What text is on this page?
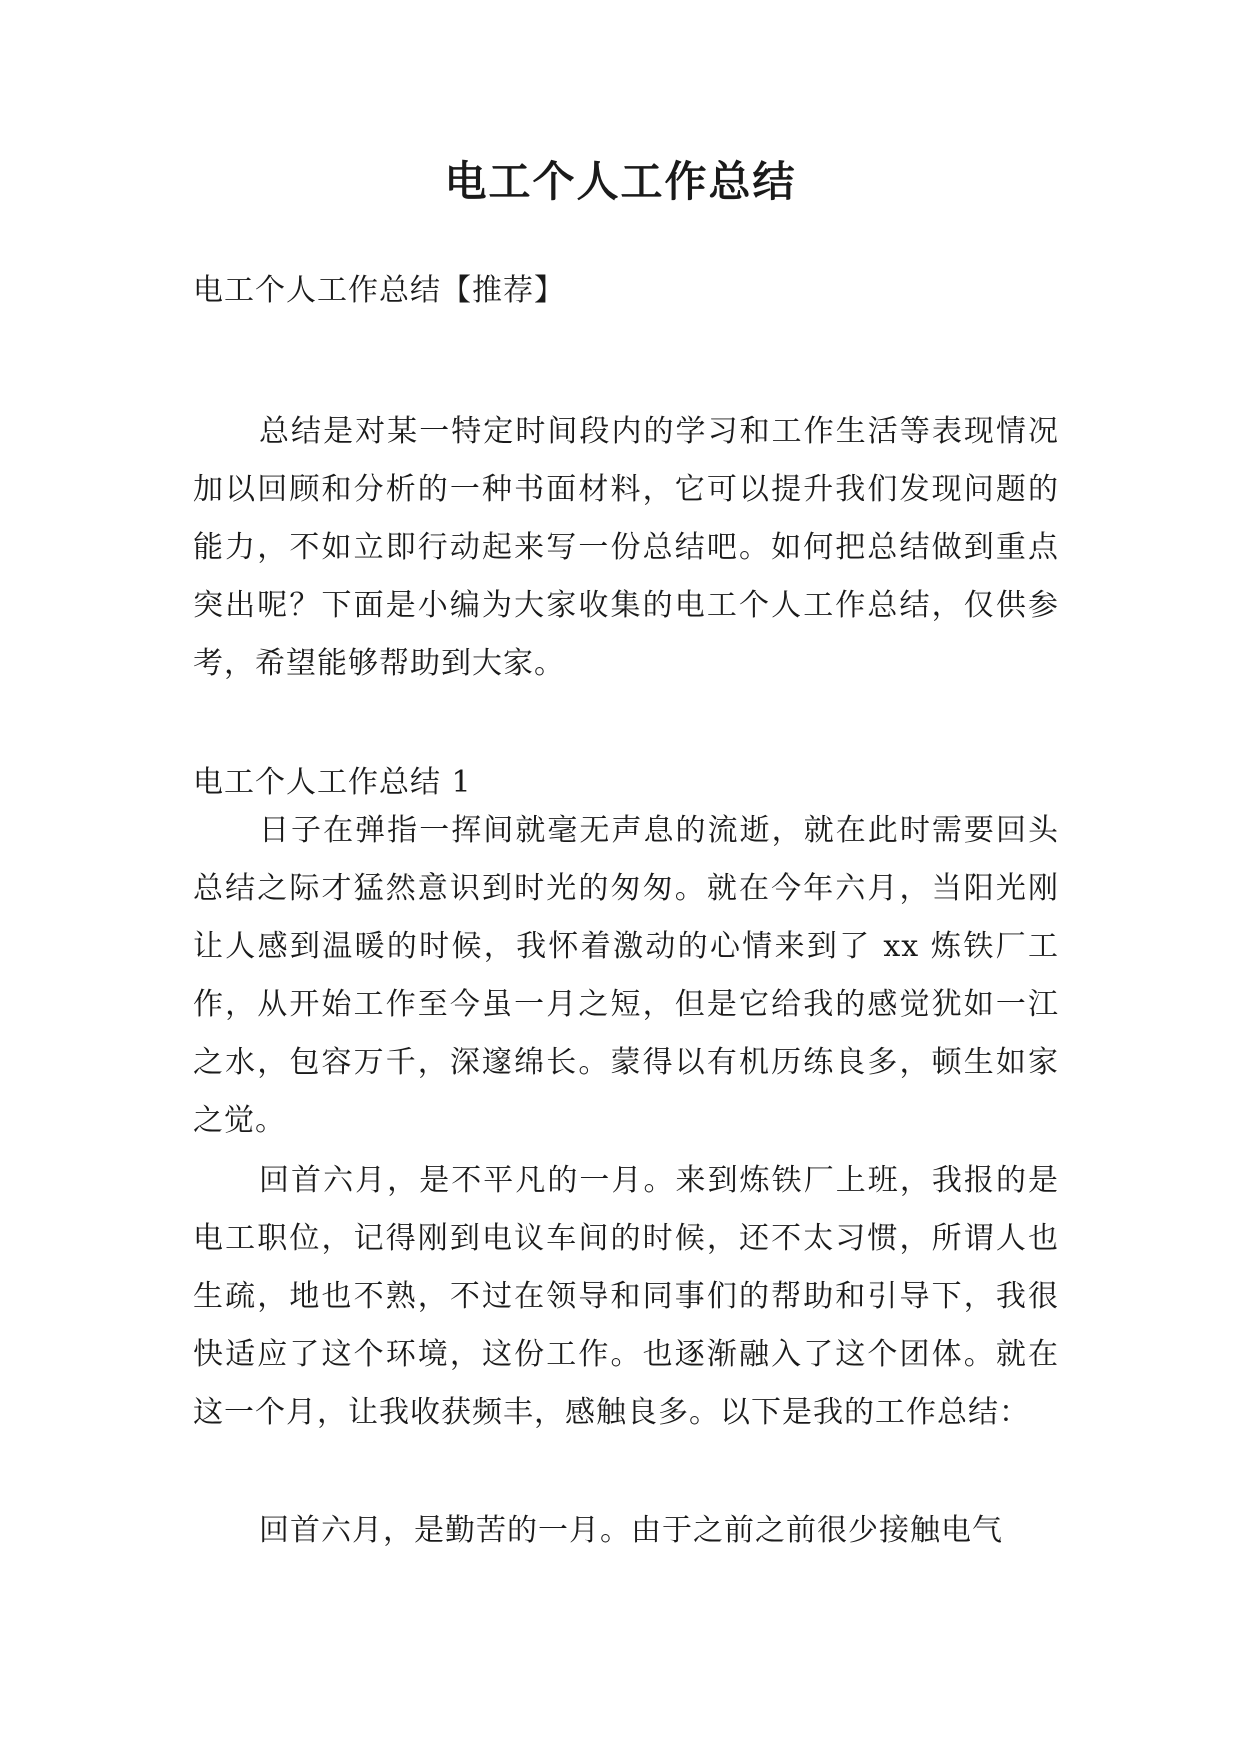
电工个人工作总结

电工个人工作总结【推荐】

总结是对某一特定时间段内的学习和工作生活等表现情况加以回顾和分析的一种书面材料，它可以提升我们发现问题的能力，不如立即行动起来写一份总结吧。如何把总结做到重点突出呢？下面是小编为大家收集的电工个人工作总结，仅供参考，希望能够帮助到大家。

电工个人工作总结 1

日子在弹指一挥间就毫无声息的流逝，就在此时需要回头总结之际才猛然意识到时光的匆匆。就在今年六月，当阳光刚让人感到温暖的时候，我怀着激动的心情来到了 xx 炼铁厂工作，从开始工作至今虽一月之短，但是它给我的感觉犹如一江之水，包容万千，深邃绵长。蒙得以有机历练良多，顿生如家之觉。

回首六月，是不平凡的一月。来到炼铁厂上班，我报的是电工职位，记得刚到电议车间的时候，还不太习惯，所谓人也生疏，地也不熟，不过在领导和同事们的帮助和引导下，我很快适应了这个环境，这份工作。也逐渐融入了这个团体。就在这一个月，让我收获频丰，感触良多。以下是我的工作总结：

回首六月，是勤苦的一月。由于之前之前很少接触电气
